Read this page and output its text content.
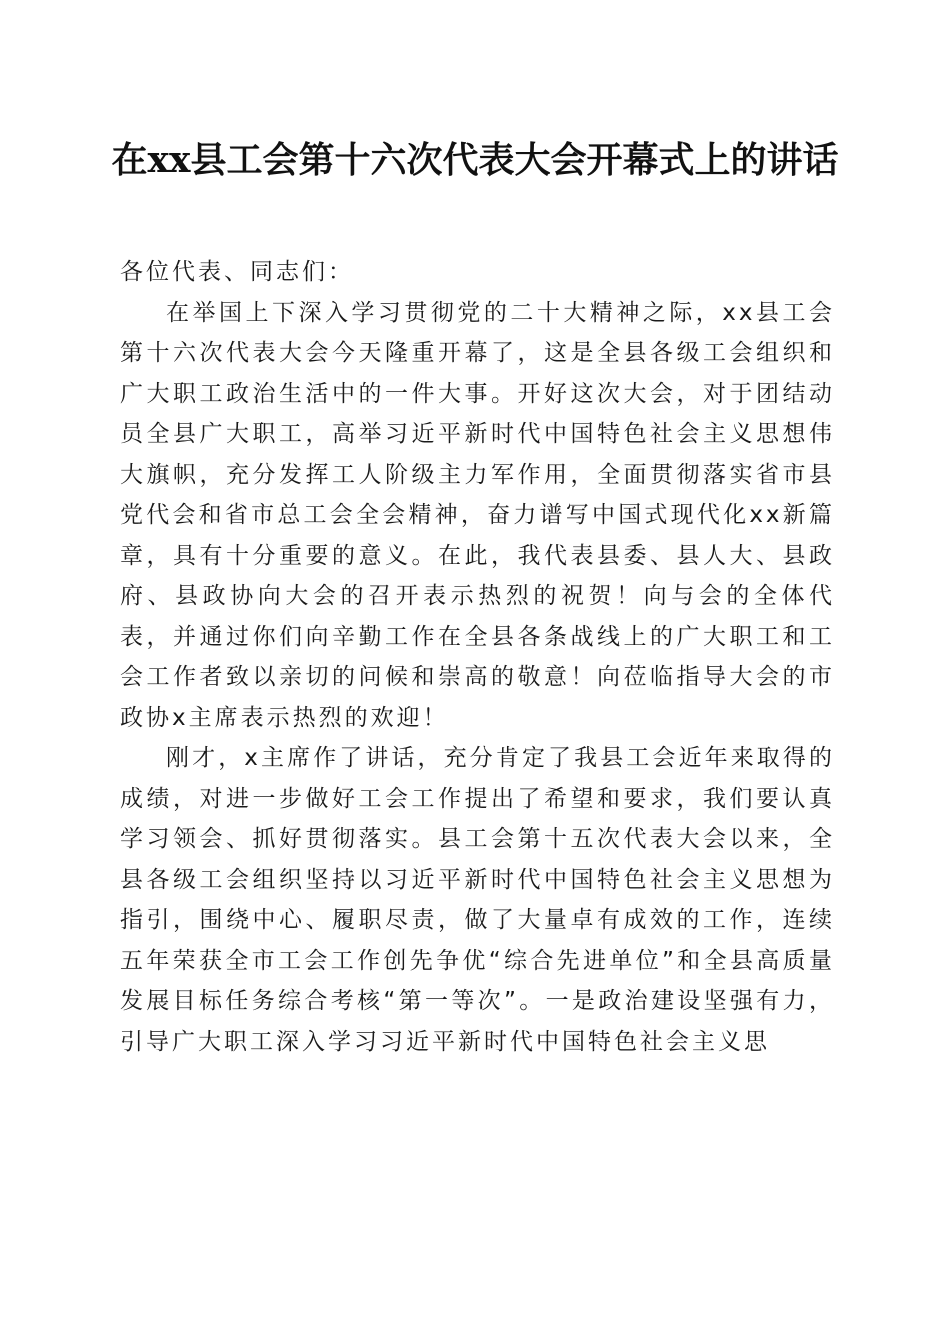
在xx县工会第十六次代表大会开幕式上的讲话

各位代表、同志们：

在举国上下深入学习贯彻党的二十大精神之际，xx县工会第十六次代表大会今天隆重开幕了，这是全县各级工会组织和广大职工政治生活中的一件大事。开好这次大会，对于团结动员全县广大职工，高举习近平新时代中国特色社会主义思想伟大旗帜，充分发挥工人阶级主力军作用，全面贯彻落实省市县党代会和省市总工会全会精神，奋力谱写中国式现代化xx新篇章，具有十分重要的意义。在此，我代表县委、县人大、县政府、县政协向大会的召开表示热烈的祝贺！向与会的全体代表，并通过你们向辛勤工作在全县各条战线上的广大职工和工会工作者致以亲切的问候和崇高的敬意！向莅临指导大会的市政协x主席表示热烈的欢迎！

刚才，x主席作了讲话，充分肯定了我县工会近年来取得的成绩，对进一步做好工会工作提出了希望和要求，我们要认真学习领会、抓好贯彻落实。县工会第十五次代表大会以来，全县各级工会组织坚持以习近平新时代中国特色社会主义思想为指引，围绕中心、履职尽责，做了大量卓有成效的工作，连续五年荣获全市工会工作创先争优“综合先进单位”和全县高质量发展目标任务综合考核“第一等次”。一是政治建设坚强有力，引导广大职工深入学习习近平新时代中国特色社会主义思
